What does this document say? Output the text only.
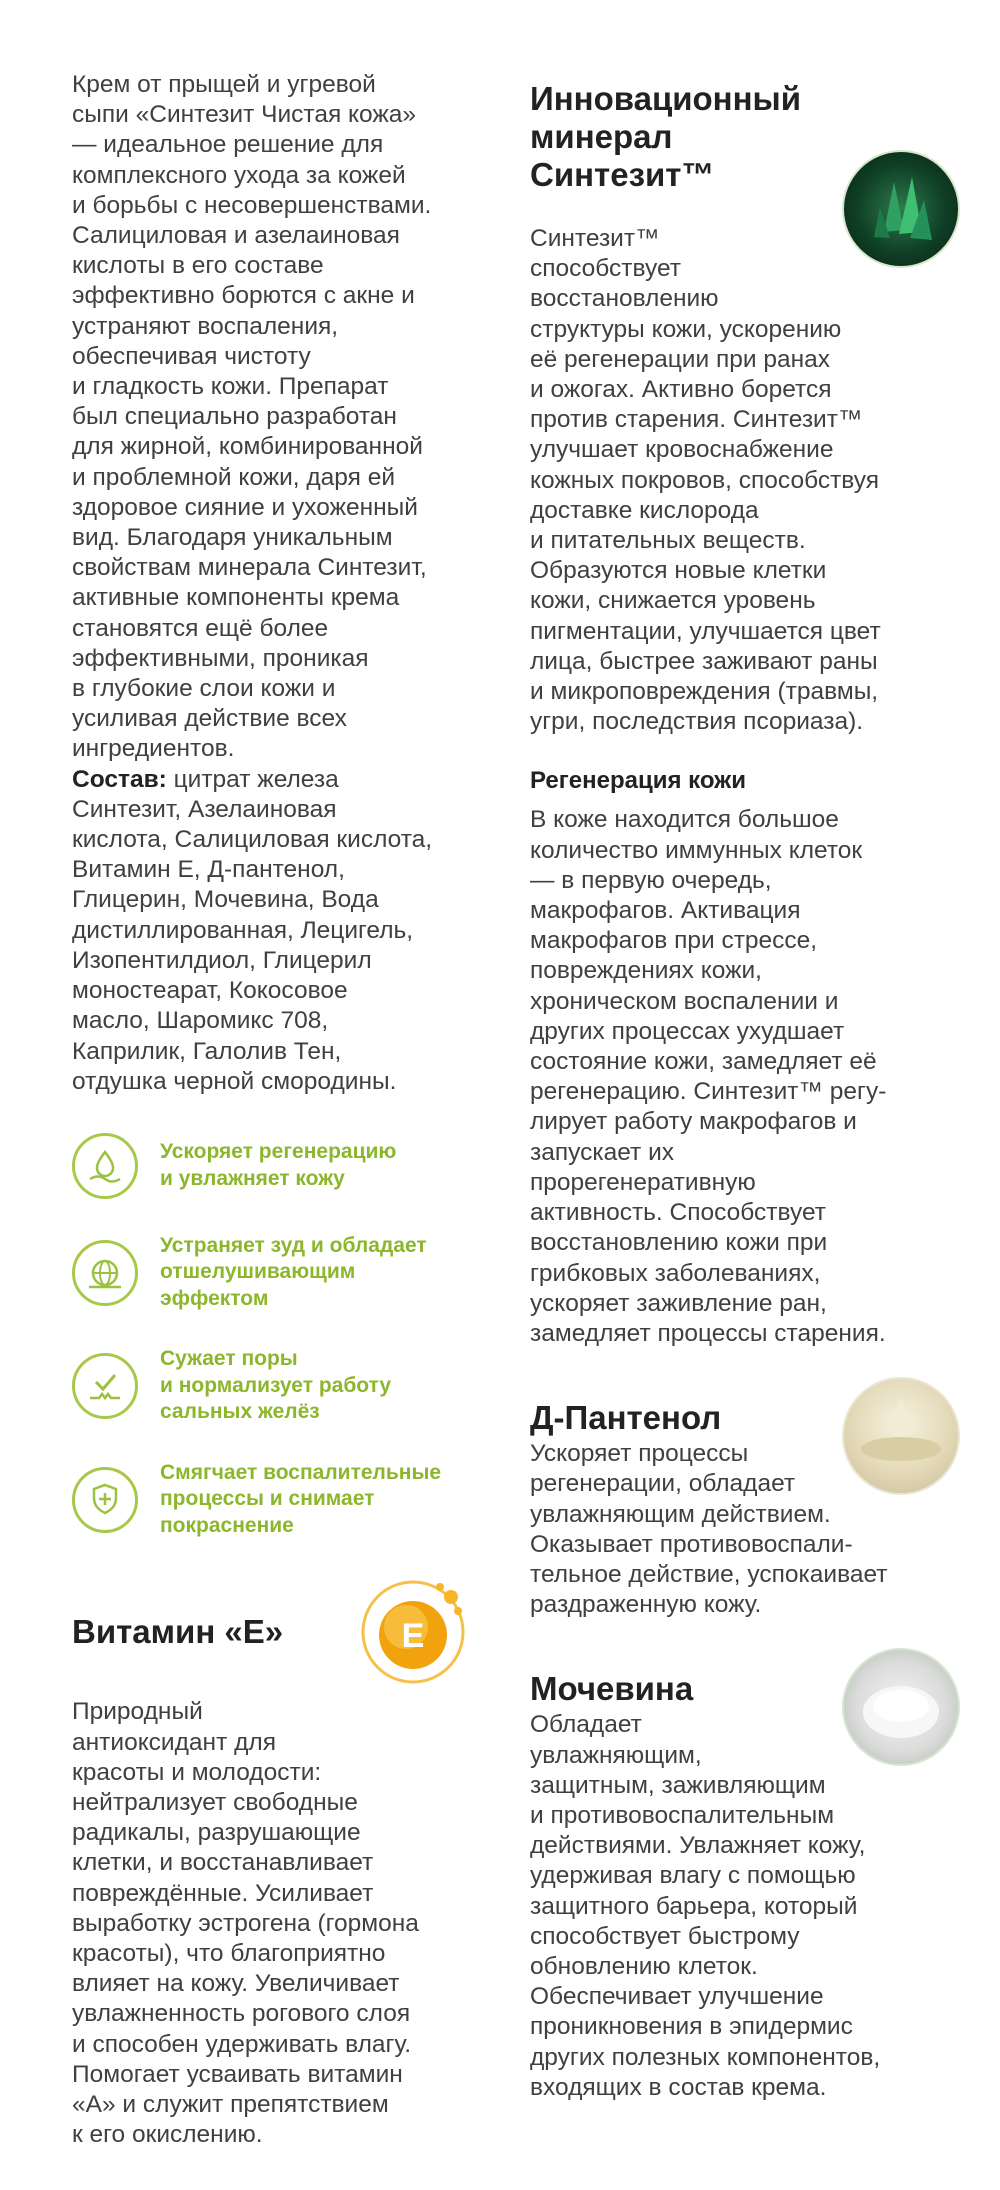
Крем от прыщей и угревой
сыпи «Синтезит Чистая кожа»
— идеальное решение для
комплексного ухода за кожей
и борьбы с несовершенствами.
Салициловая и азелаиновая
кислоты в его составе
эффективно борются с акне и
устраняют воспаления,
обеспечивая чистоту
и гладкость кожи. Препарат
был специально разработан
для жирной, комбинированной
и проблемной кожи, даря ей
здоровое сияние и ухоженный
вид. Благодаря уникальным
свойствам минерала Синтезит,
активные компоненты крема
становятся ещё более
эффективными, проникая
в глубокие слои кожи и
усиливая действие всех
ингредиентов.

Состав: цитрат железа
Синтезит, Азелаиновая
кислота, Салициловая кислота,
Витамин Е, Д-пантенол,
Глицерин, Мочевина, Вода
дистиллированная, Лецигель,
Изопентилдиол, Глицерил
моностеарат, Кокосовое
масло, Шаромикс 708,
Каприлик, Галолив Тен,
отдушка черной смородины.

Ускоряет регенерацию
и увлажняет кожу
Устраняет зуд и обладает
отшелушивающим
эффектом
Сужает поры
и нормализует работу
сальных желёз
Смягчает воспалительные
процессы и снимает
покраснение
Витамин «Е»	E

Природный
антиоксидант для
красоты и молодости:
нейтрализует свободные
радикалы, разрушающие
клетки, и восстанавливает
повреждённые. Усиливает
выработку эстрогена (гормона
красоты), что благоприятно
влияет на кожу. Увеличивает
увлажненность рогового слоя
и способен удерживать влагу.
Помогает усваивать витамин
«А» и служит препятствием
к его окислению.

Инновационный
минерал
Синтезит™

Синтезит™
способствует
восстановлению
структуры кожи, ускорению
её регенерации при ранах
и ожогах. Активно борется
против старения. Синтезит™
улучшает кровоснабжение
кожных покровов, способствуя
доставке кислорода
и питательных веществ.
Образуются новые клетки
кожи, снижается уровень
пигментации, улучшается цвет
лица, быстрее заживают раны
и микроповреждения (травмы,
угри, последствия псориаза).

Регенерация кожи

В коже находится большое
количество иммунных клеток
— в первую очередь,
макрофагов. Активация
макрофагов при стрессе,
повреждениях кожи,
хроническом воспалении и
других процессах ухудшает
состояние кожи, замедляет её
регенерацию. Синтезит™ регу-
лирует работу макрофагов и
запускает их
прорегенеративную
активность. Способствует
восстановлению кожи при
грибковых заболеваниях,
ускоряет заживление ран,
замедляет процессы старения.

Д-Пантенол

Ускоряет процессы
регенерации, обладает
увлажняющим действием.
Оказывает противовоспали-
тельное действие, успокаивает
раздраженную кожу.

Мочевина

Обладает
увлажняющим,
защитным, заживляющим
и противовоспалительным
действиями. Увлажняет кожу,
удерживая влагу с помощью
защитного барьера, который
способствует быстрому
обновлению клеток.
Обеспечивает улучшение
проникновения в эпидермис
других полезных компонентов,
входящих в состав крема.
